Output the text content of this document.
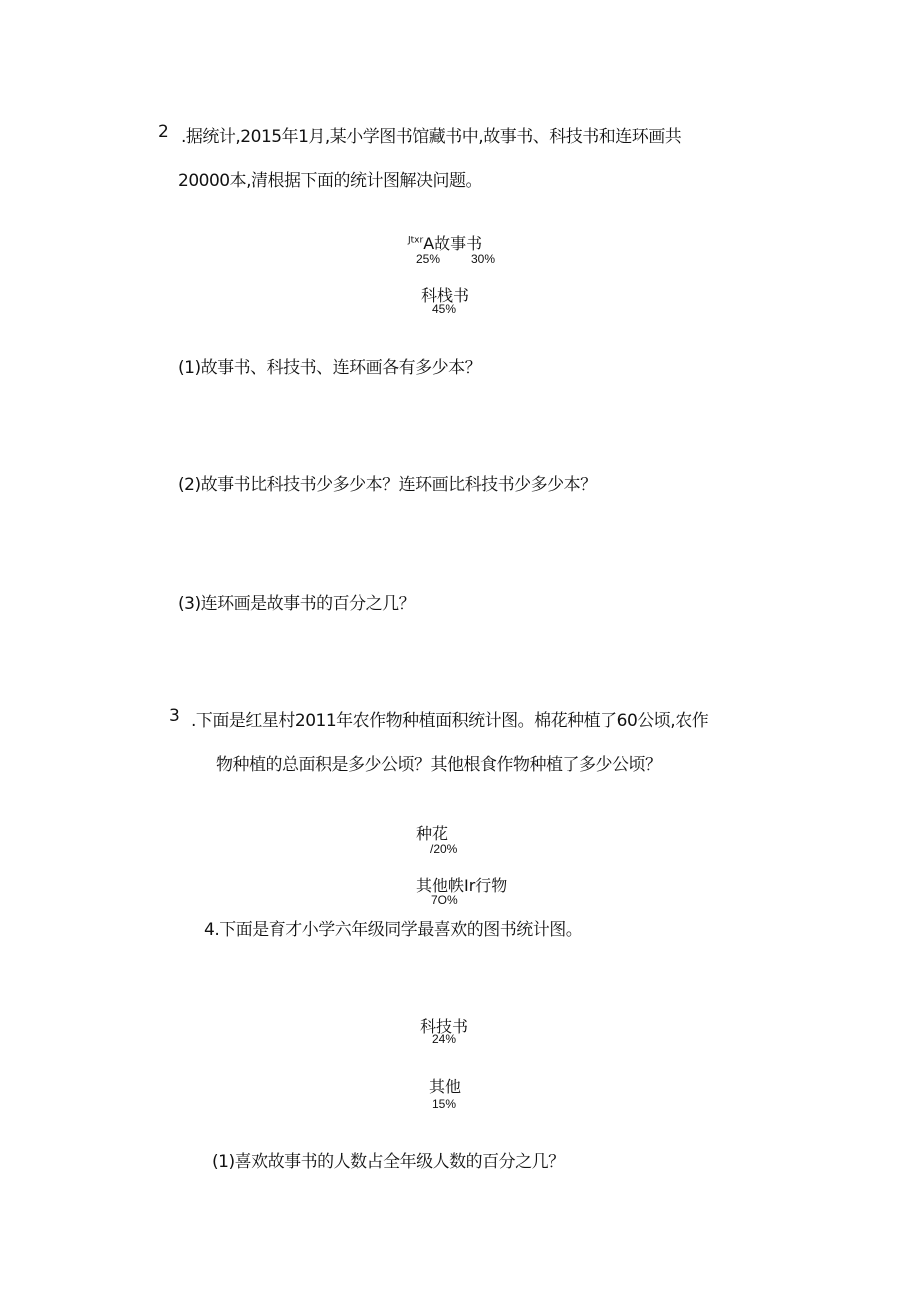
2 .据统计,2015年1月,某小学图书馆藏书中,故事书、科技书和连环画共
20000本,清根据下面的统计图解决问题。
$^{Jtxr}$A故事书
25%	30%
科栈书
45%
(1)故事书、科技书、连环画各有多少本？
(2)故事书比科技书少多少本？连环画比科技书少多少本？
(3)连环画是故事书的百分之几？
3 .下面是红星村2011年农作物种植面积统计图。棉花种植了60公顷,农作
物种植的总面积是多少公顷？其他根食作物种植了多少公顷？
种花
/20%
其他帙Ir行物
7O%
4.下面是育才小学六年级同学最喜欢的图书统计图。
科技书
24%
其他
15%
(1)喜欢故事书的人数占全年级人数的百分之几？
